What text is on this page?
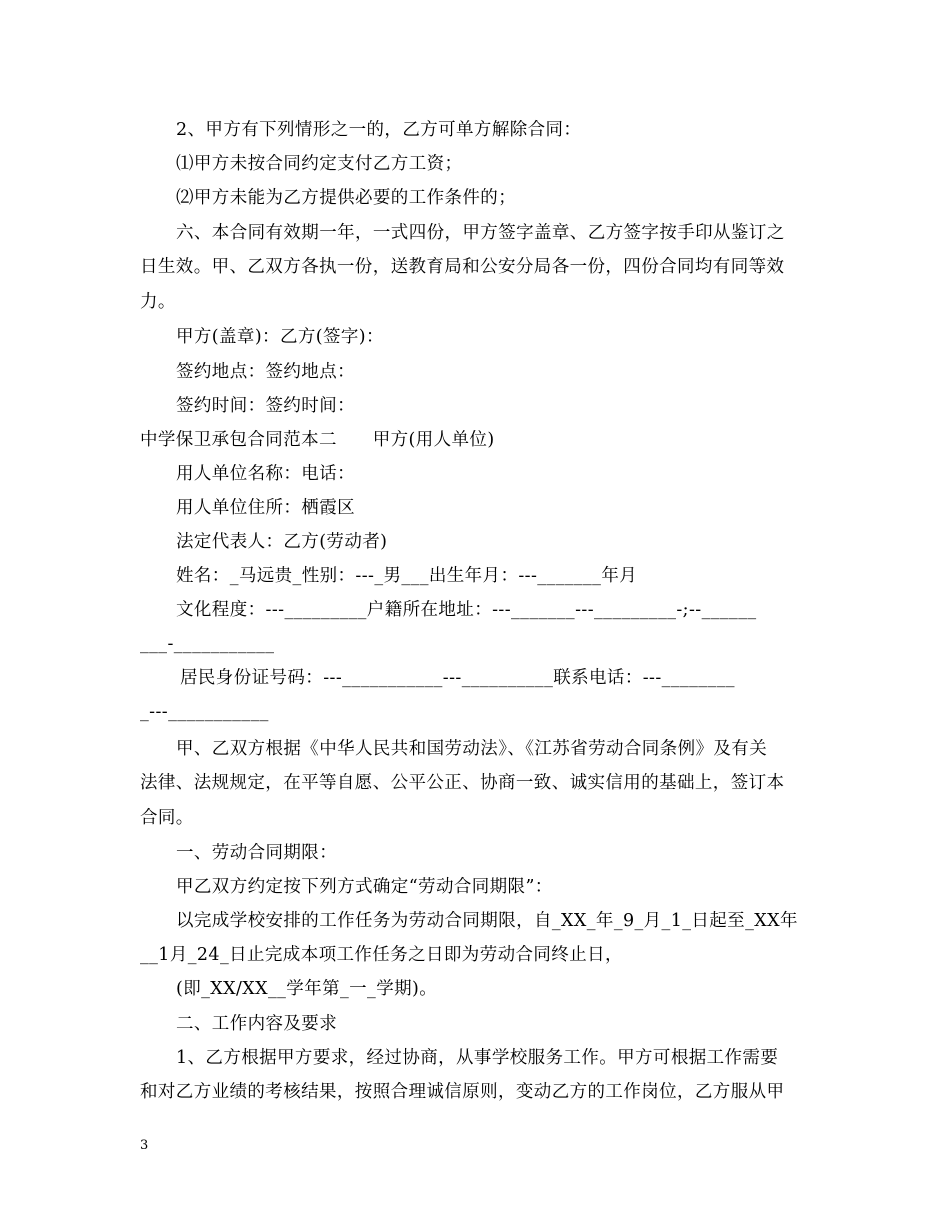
2、甲方有下列情形之一的，乙方可单方解除合同：
⑴甲方未按合同约定支付乙方工资；
⑵甲方未能为乙方提供必要的工作条件的；
六、本合同有效期一年，一式四份，甲方签字盖章、乙方签字按手印从鉴订之
日生效。甲、乙双方各执一份，送教育局和公安分局各一份，四份合同均有同等效
力。
甲方(盖章)：乙方(签字)：
签约地点：签约地点：
签约时间：签约时间：
中学保卫承包合同范本二　　甲方(用人单位)
用人单位名称：电话：
用人单位住所：栖霞区
法定代表人：乙方(劳动者)
姓名：_马远贵_性别：---_男___出生年月：---_______年月
文化程度：---_________户籍所在地址：---_______---_________-;--______
___-___________
居民身份证号码：---___________---__________联系电话：---________
_---___________
甲、乙双方根据《中华人民共和国劳动法》、《江苏省劳动合同条例》及有关
法律、法规规定，在平等自愿、公平公正、协商一致、诚实信用的基础上，签订本
合同。
一、劳动合同期限：
甲乙双方约定按下列方式确定“劳动合同期限”：
以完成学校安排的工作任务为劳动合同期限，自_XX_年_9_月_1_日起至_XX年
__1月_24_日止完成本项工作任务之日即为劳动合同终止日，
(即_XX/XX__学年第_一_学期)。
二、工作内容及要求
1、乙方根据甲方要求，经过协商，从事学校服务工作。甲方可根据工作需要
和对乙方业绩的考核结果，按照合理诚信原则，变动乙方的工作岗位，乙方服从甲
3
